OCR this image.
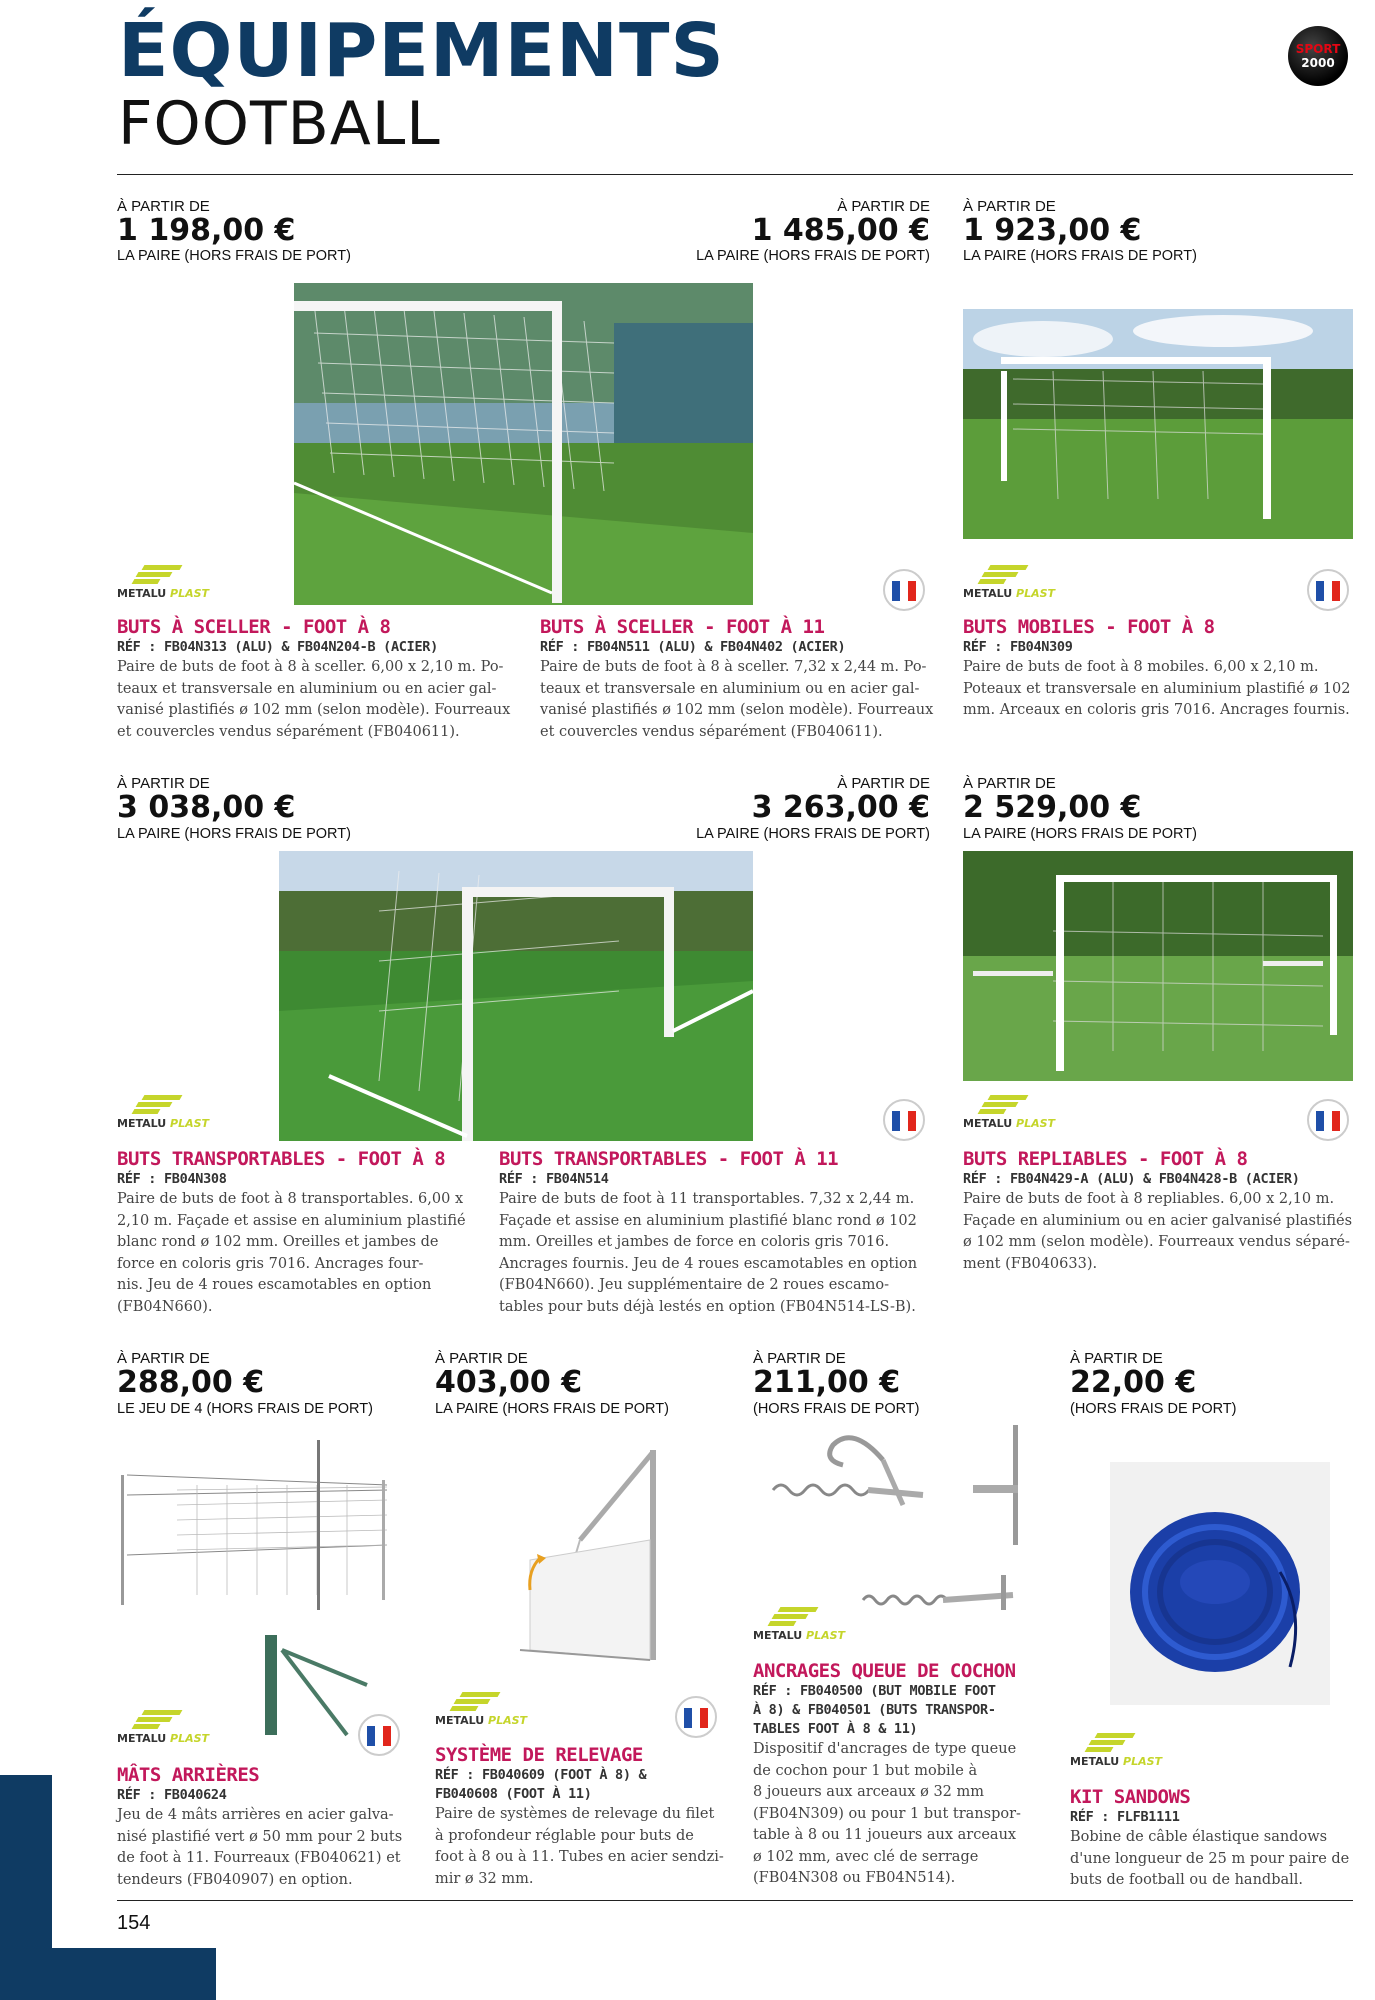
ÉQUIPEMENTS
FOOTBALL
SPORT
2000
À PARTIR DE
1 198,00 €
LA PAIRE (HORS FRAIS DE PORT)
À PARTIR DE
1 485,00 €
LA PAIRE (HORS FRAIS DE PORT)
À PARTIR DE
1 923,00 €
LA PAIRE (HORS FRAIS DE PORT)
METALU PLAST	METALU PLAST
BUTS À SCELLER - FOOT À 8
RÉF : FB04N313 (ALU) & FB04N204-B (ACIER)
Paire de buts de foot à 8 à sceller. 6,00 x 2,10 m. Po-
teaux et transversale en aluminium ou en acier gal-
vanisé plastifiés ø 102 mm (selon modèle). Fourreaux
et couvercles vendus séparément (FB040611).
BUTS À SCELLER - FOOT À 11
RÉF : FB04N511 (ALU) & FB04N402 (ACIER)
Paire de buts de foot à 8 à sceller. 7,32 x 2,44 m. Po-
teaux et transversale en aluminium ou en acier gal-
vanisé plastifiés ø 102 mm (selon modèle). Fourreaux
et couvercles vendus séparément (FB040611).
BUTS MOBILES - FOOT À 8
RÉF : FB04N309
Paire de buts de foot à 8 mobiles. 6,00 x 2,10 m.
Poteaux et transversale en aluminium plastifié ø 102
mm. Arceaux en coloris gris 7016. Ancrages fournis.
À PARTIR DE
3 038,00 €
LA PAIRE (HORS FRAIS DE PORT)
À PARTIR DE
3 263,00 €
LA PAIRE (HORS FRAIS DE PORT)
À PARTIR DE
2 529,00 €
LA PAIRE (HORS FRAIS DE PORT)
METALU PLAST	METALU PLAST
BUTS TRANSPORTABLES - FOOT À 8
RÉF : FB04N308
Paire de buts de foot à 8 transportables. 6,00 x
2,10 m. Façade et assise en aluminium plastifié
blanc rond ø 102 mm. Oreilles et jambes de
force en coloris gris 7016. Ancrages four-
nis. Jeu de 4 roues escamotables en option
(FB04N660).
BUTS TRANSPORTABLES - FOOT À 11
RÉF : FB04N514
Paire de buts de foot à 11 transportables. 7,32 x 2,44 m.
Façade et assise en aluminium plastifié blanc rond ø 102
mm. Oreilles et jambes de force en coloris gris 7016.
Ancrages fournis. Jeu de 4 roues escamotables en option
(FB04N660). Jeu supplémentaire de 2 roues escamo-
tables pour buts déjà lestés en option (FB04N514-LS-B).
BUTS REPLIABLES - FOOT À 8
RÉF : FB04N429-A (ALU) & FB04N428-B (ACIER)
Paire de buts de foot à 8 repliables. 6,00 x 2,10 m.
Façade en aluminium ou en acier galvanisé plastifiés
ø 102 mm (selon modèle). Fourreaux vendus séparé-
ment (FB040633).
À PARTIR DE
288,00 €
LE JEU DE 4 (HORS FRAIS DE PORT)
À PARTIR DE
403,00 €
LA PAIRE (HORS FRAIS DE PORT)
À PARTIR DE
211,00 €
(HORS FRAIS DE PORT)
À PARTIR DE
22,00 €
(HORS FRAIS DE PORT)
METALU PLAST
METALU PLAST
METALU PLAST
METALU PLAST
MÂTS ARRIÈRES
RÉF : FB040624
Jeu de 4 mâts arrières en acier galva-
nisé plastifié vert ø 50 mm pour 2 buts
de foot à 11. Fourreaux (FB040621) et
tendeurs (FB040907) en option.
SYSTÈME DE RELEVAGE
RÉF : FB040609 (FOOT À 8) &
FB040608 (FOOT À 11)
Paire de systèmes de relevage du filet
à profondeur réglable pour buts de
foot à 8 ou à 11. Tubes en acier sendzi-
mir ø 32 mm.
ANCRAGES QUEUE DE COCHON
RÉF : FB040500 (BUT MOBILE FOOT
À 8) & FB040501 (BUTS TRANSPOR-
TABLES FOOT À 8 & 11)
Dispositif d'ancrages de type queue
de cochon pour 1 but mobile à
8 joueurs aux arceaux ø 32 mm
(FB04N309) ou pour 1 but transpor-
table à 8 ou 11 joueurs aux arceaux
ø 102 mm, avec clé de serrage
(FB04N308 ou FB04N514).
KIT SANDOWS
RÉF : FLFB1111
Bobine de câble élastique sandows
d'une longueur de 25 m pour paire de
buts de football ou de handball.
154
